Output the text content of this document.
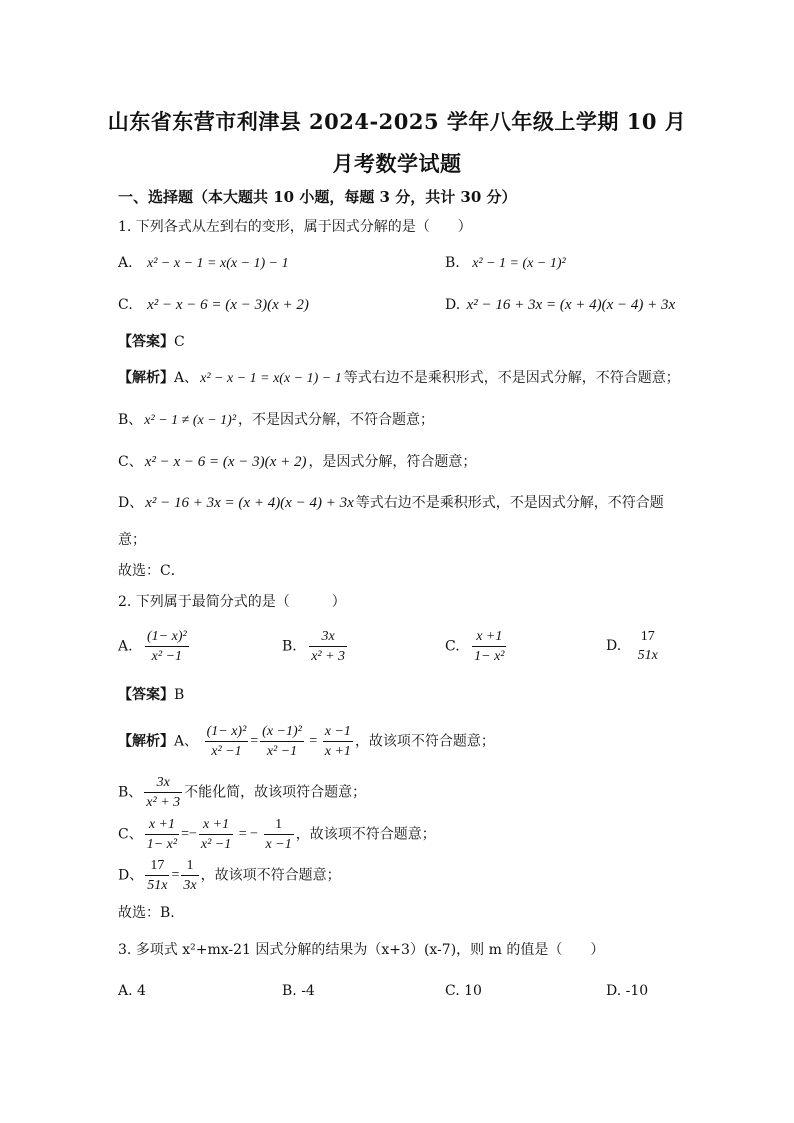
山东省东营市利津县 2024-2025 学年八年级上学期 10 月
月考数学试题
一、选择题（本大题共 10 小题，每题 3 分，共计 30 分）
1. 下列各式从左到右的变形，属于因式分解的是（　　）
A. x² − x − 1 = x(x − 1) − 1	B. x² − 1 = (x − 1)²
C. x² − x − 6 = (x − 3)(x + 2)	D. x² − 16 + 3x = (x + 4)(x − 4) + 3x
【答案】C
【解析】A、 x² − x − 1 = x(x − 1) − 1 等式右边不是乘积形式，不是因式分解，不符合题意；
B、 x² − 1 ≠ (x − 1)² ，不是因式分解，不符合题意；
C、 x² − x − 6 = (x − 3)(x + 2) ，是因式分解，符合题意；
D、 x² − 16 + 3x = (x + 4)(x − 4) + 3x 等式右边不是乘积形式，不是因式分解，不符合题
意；
故选：C．
2. 下列属于最简分式的是（　　　）
A. $\frac{\text{(1− x)²}}{\text{x² −1}}$	B. $\frac{3x}{\text{x² + 3}}$	C. $\frac{x +1}{\text{1− x²}}$	D.
17
51x
【答案】B
【解析】A、 $\frac{\text{(1− x)²}}{\text{x² −1}} = \frac{\text{(x −1)²}}{\text{x² −1}} = \frac{x -1}{x +1}$ ，故该项不符合题意；
B、 $\frac{3x}{\text{x² + 3}}$ 不能化简，故该项符合题意；
C、 $\frac{x +1}{\text{1− x²}} =- \frac{x +1}{\text{x² −1}}$ = − $\frac{1}{x -1}$ ，故该项不符合题意；
D、 $\frac{17}{51x} = \frac{1}{3x}$ ，故该项不符合题意；
故选：B.
3. 多项式 x²+mx-21 因式分解的结果为（x+3）(x-7)，则 m 的值是（　　）
A. 4	B. -4	C. 10	D. -10
